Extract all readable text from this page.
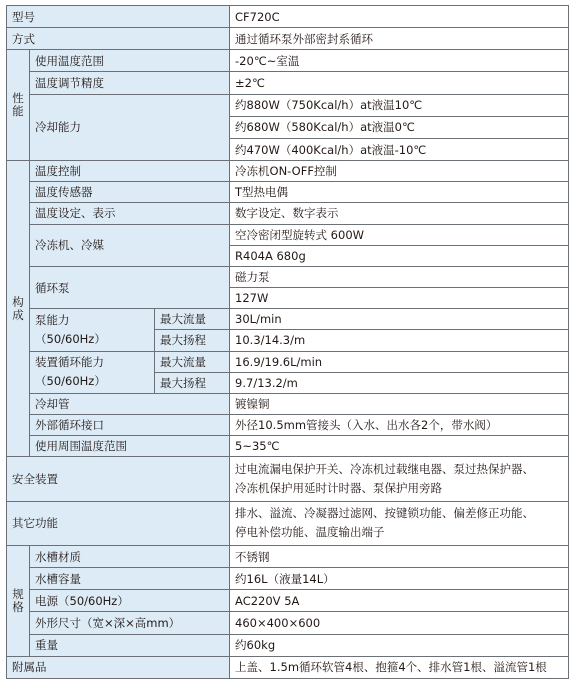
型号			CF720C
方式			通过循环泵外部密封系循环

性
能	使用温度范围		-20℃~室温
	温度调节精度		±2℃
	冷却能力		约880W（750Kcal/h）at液温10℃
			约680W（580Kcal/h）at液温0℃
			约470W（400Kcal/h）at液温-10℃

构
成	温度控制		冷冻机ON-OFF控制
	温度传感器		T型热电偶
	温度设定、表示		数字设定、数字表示
	冷冻机、冷媒		空冷密闭型旋转式 600W
			R404A 680g
	循环泵		磁力泵
			127W
	泵能力
（50/60Hz）	最大流量	30L/min
		最大扬程	10.3/14.3/m
	装置循环能力
（50/60Hz）	最大流量	16.9/19.6L/min
		最大扬程	9.7/13.2/m
	冷却管		镀镍铜
	外部循环接口		外径10.5mm管接头（入水、出水各2个，带水阀）
	使用周围温度范围		5~35℃
安全装置			过电流漏电保护开关、冷冻机过载继电器、泵过热保护器、
冷冻机保护用延时计时器、泵保护用旁路
其它功能			排水、溢流、冷凝器过滤网、按键锁功能、偏差修正功能、
停电补偿功能、温度输出端子

规
格	水槽材质		不锈钢
	水槽容量		约16L（液量14L）
	电源（50/60Hz）		AC220V 5A
	外形尺寸（宽×深×高mm）		460×400×600
	重量		约60kg
附属品			上盖、1.5m循环软管4根、抱箍4个、排水管1根、溢流管1根
